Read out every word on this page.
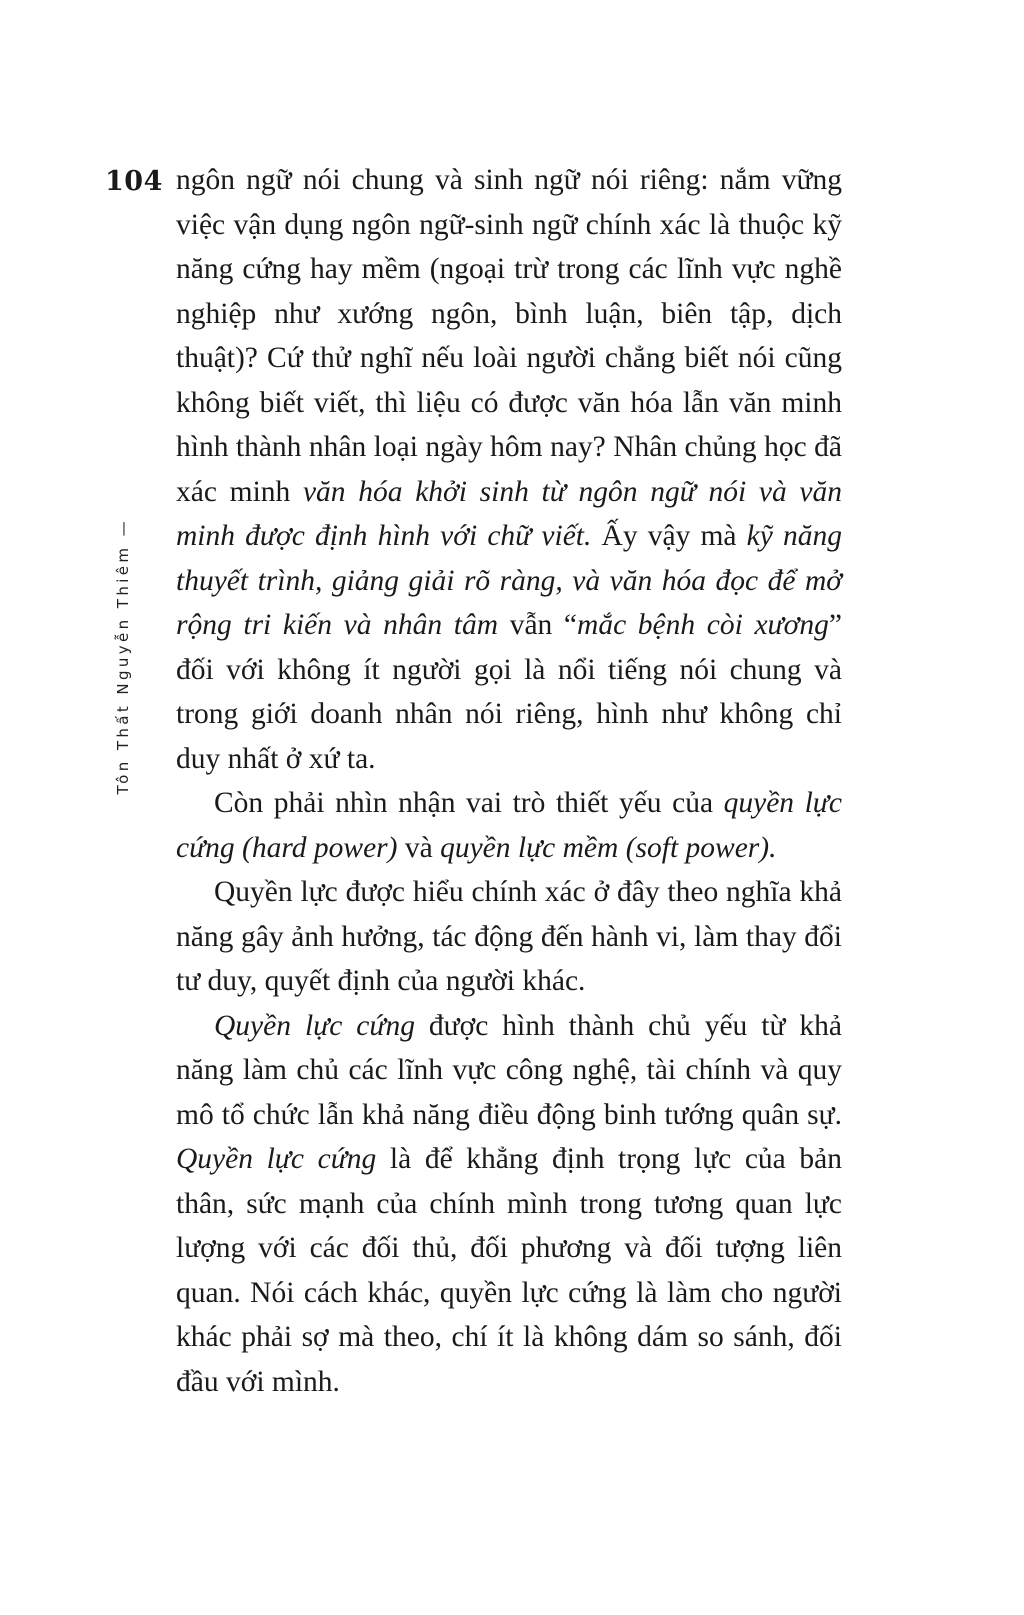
104
Tôn Thất Nguyễn Thiêm —

ngôn ngữ nói chung và sinh ngữ nói riêng: nắm vững việc vận dụng ngôn ngữ-sinh ngữ chính xác là thuộc kỹ năng cứng hay mềm (ngoại trừ trong các lĩnh vực nghề nghiệp như xướng ngôn, bình luận, biên tập, dịch thuật)? Cứ thử nghĩ nếu loài người chẳng biết nói cũng không biết viết, thì liệu có được văn hóa lẫn văn minh hình thành nhân loại ngày hôm nay? Nhân chủng học đã xác minh văn hóa khởi sinh từ ngôn ngữ nói và văn minh được định hình với chữ viết. Ấy vậy mà kỹ năng thuyết trình, giảng giải rõ ràng, và văn hóa đọc để mở rộng tri kiến và nhân tâm vẫn “mắc bệnh còi xương” đối với không ít người gọi là nổi tiếng nói chung và trong giới doanh nhân nói riêng, hình như không chỉ duy nhất ở xứ ta.

Còn phải nhìn nhận vai trò thiết yếu của quyền lực cứng (hard power) và quyền lực mềm (soft power).

Quyền lực được hiểu chính xác ở đây theo nghĩa khả năng gây ảnh hưởng, tác động đến hành vi, làm thay đổi tư duy, quyết định của người khác.

Quyền lực cứng được hình thành chủ yếu từ khả năng làm chủ các lĩnh vực công nghệ, tài chính và quy mô tổ chức lẫn khả năng điều động binh tướng quân sự. Quyền lực cứng là để khẳng định trọng lực của bản thân, sức mạnh của chính mình trong tương quan lực lượng với các đối thủ, đối phương và đối tượng liên quan. Nói cách khác, quyền lực cứng là làm cho người khác phải sợ mà theo, chí ít là không dám so sánh, đối đầu với mình.
